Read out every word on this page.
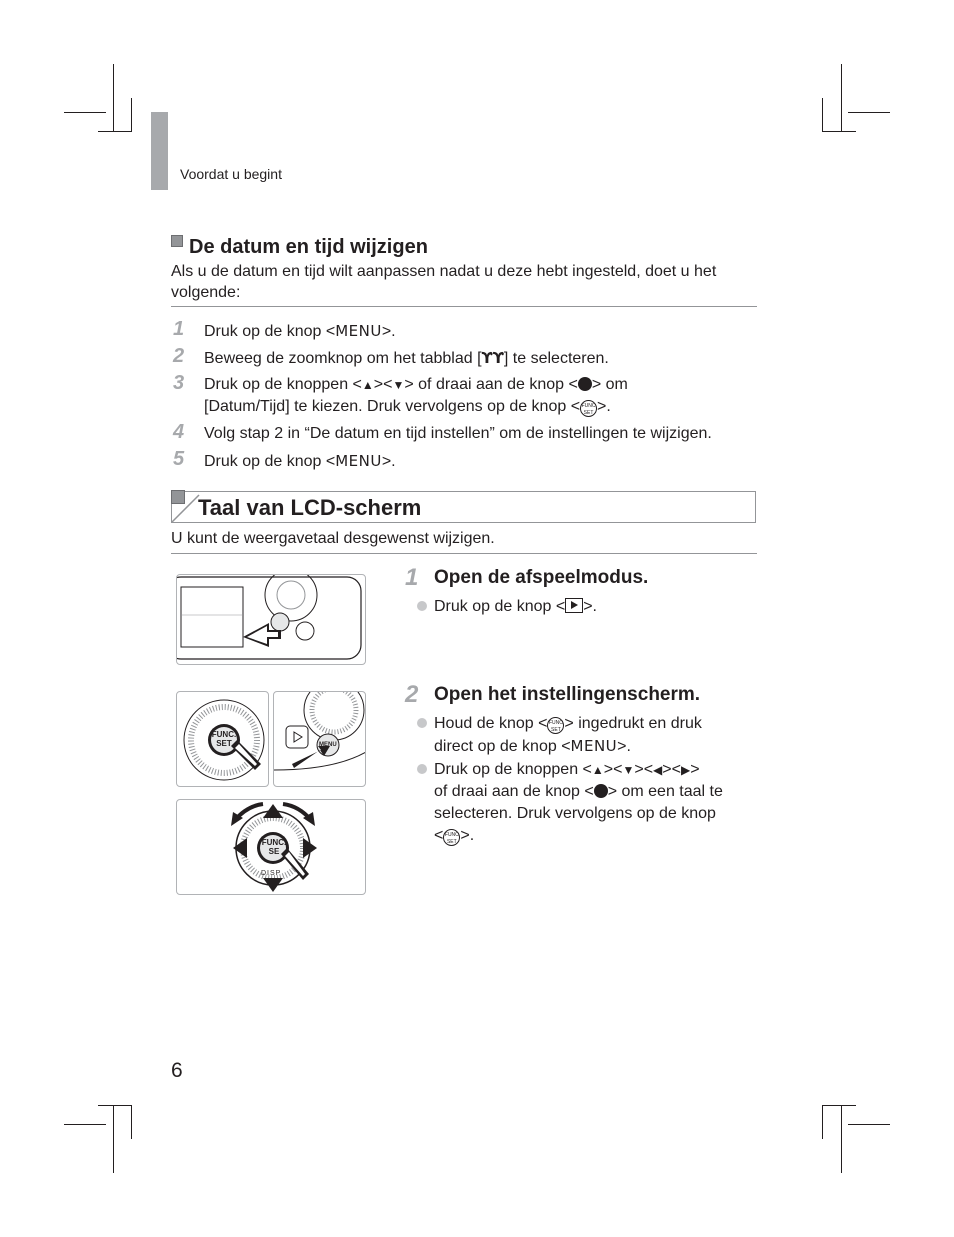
Voordat u begint
De datum en tijd wijzigen
Als u de datum en tijd wilt aanpassen nadat u deze hebt ingesteld, doet u het volgende:
1 Druk op de knop <MENU>.
2 Beweeg de zoomknop om het tabblad [ϒϒ] te selecteren.
3 Druk op de knoppen <▲><▼> of draai aan de knop < > om
[Datum/Tijd] te kiezen. Druk vervolgens op de knop < FUNC
SET >.
4 Volg stap 2 in “De datum en tijd instellen” om de instellingen te wijzigen.
5 Druk op de knop <MENU>.
Taal van LCD-scherm
U kunt de weergavetaal desgewenst wijzigen.
FUNC.
SET	MENU
FUNC.
SE
DISP
1 Open de afspeelmodus.
Druk op de knop < >.
2 Open het instellingenscherm.
Houd de knop < FUNC
SET > ingedrukt en druk
direct op de knop <MENU>.
Druk op de knoppen <▲><▼><◀><▶>
of draai aan de knop < > om een taal te
selecteren. Druk vervolgens op de knop
< FUNC
SET >.
6
